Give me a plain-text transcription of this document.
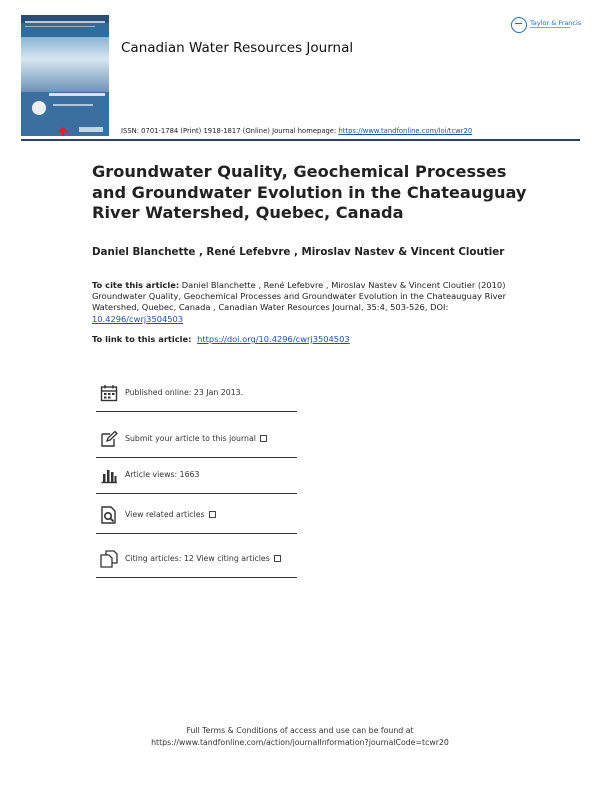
Canadian Water Resources Journal
Taylor & Francis
ISSN: 0701-1784 (Print) 1918-1817 (Online) Journal homepage: https://www.tandfonline.com/loi/tcwr20
Groundwater Quality, Geochemical Processes and Groundwater Evolution in the Chateauguay River Watershed, Quebec, Canada
Daniel Blanchette , René Lefebvre , Miroslav Nastev & Vincent Cloutier
To cite this article: Daniel Blanchette , René Lefebvre , Miroslav Nastev & Vincent Cloutier (2010) Groundwater Quality, Geochemical Processes and Groundwater Evolution in the Chateauguay River Watershed, Quebec, Canada , Canadian Water Resources Journal, 35:4, 503-526, DOI: 10.4296/cwrj3504503
To link to this article: https://doi.org/10.4296/cwrj3504503
Published online: 23 Jan 2013.
Submit your article to this journal
Article views: 1663
View related articles
Citing articles: 12 View citing articles
Full Terms & Conditions of access and use can be found at
https://www.tandfonline.com/action/journalInformation?journalCode=tcwr20
